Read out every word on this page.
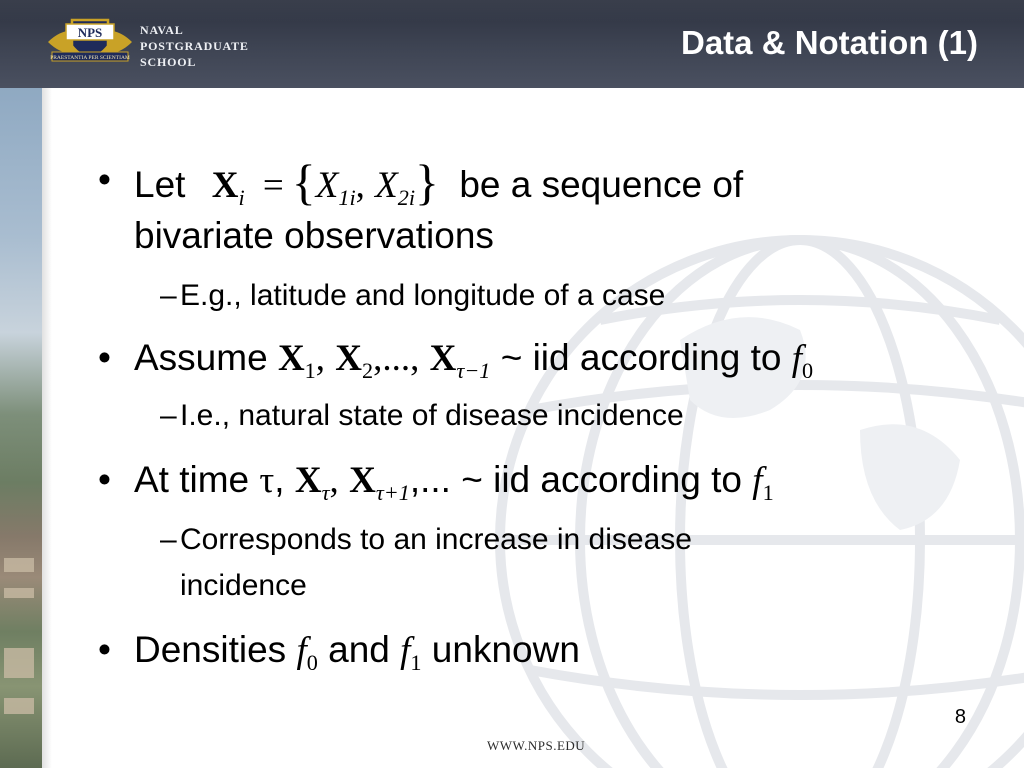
NPS
PRAESTANTIA PER SCIENTIAM
NAVAL
POSTGRADUATE
SCHOOL
Data & Notation (1)
• Let $X_i = \{X_{1i}$, $X_{2i}$} be a sequence of
bivariate observations
– E.g., latitude and longitude of a case
• Assume $X_1$, $X_2$,..., $X_{\tau-1}$ ~ iid according to $f_0$
– I.e., natural state of disease incidence
• At time τ, $X_\tau$, $X_{\tau+1}$,... ~ iid according to $f_1$
– Corresponds to an increase in disease
incidence
• Densities $f_0$ and $f_1$ unknown
8
WWW.NPS.EDU
